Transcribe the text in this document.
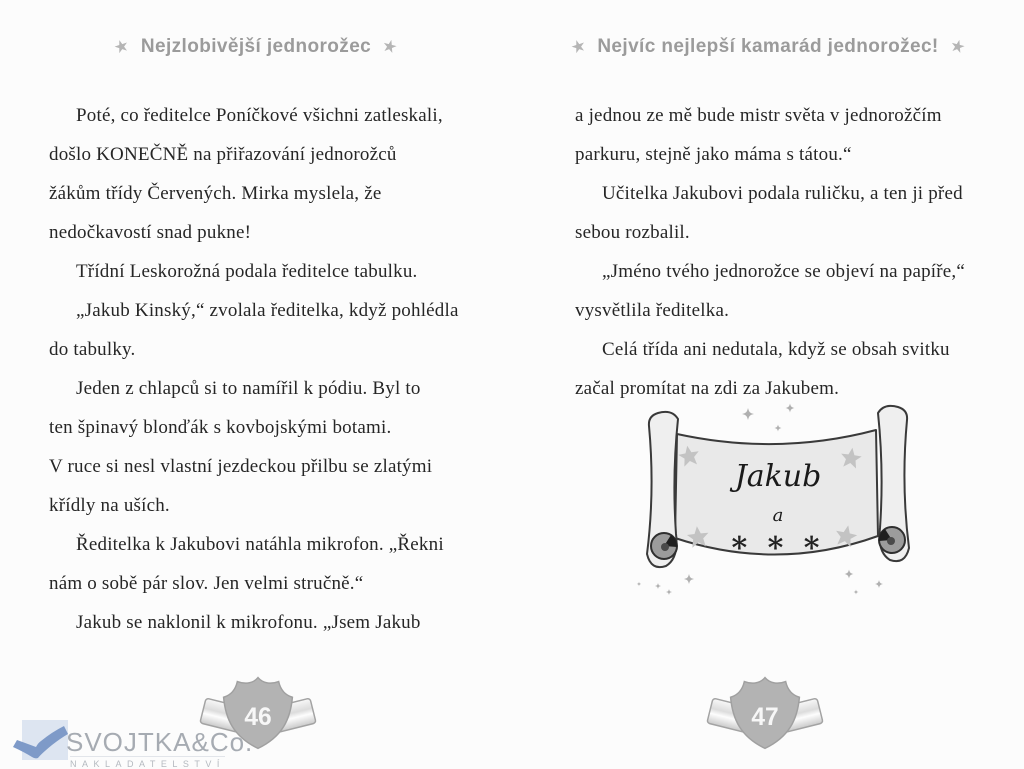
★ Nejzlobivější jednorožec ★	★ Nejvíc nejlepší kamarád jednorožec! ★
Poté, co ředitelce Poníčkové všichni zatleskali,
došlo KONEČNĚ na přiřazování jednorožců
žákům třídy Červených. Mirka myslela, že
nedočkavostí snad pukne!
Třídní Leskorožná podala ředitelce tabulku.
„Jakub Kinský,“ zvolala ředitelka, když pohlédla
do tabulky.
Jeden z chlapců si to namířil k pódiu. Byl to
ten špinavý blonďák s kovbojskými botami.
V ruce si nesl vlastní jezdeckou přilbu se zlatými
křídly na uších.
Ředitelka k Jakubovi natáhla mikrofon. „Řekni
nám o sobě pár slov. Jen velmi stručně.“
Jakub se naklonil k mikrofonu. „Jsem Jakub
a jednou ze mě bude mistr světa v jednorožčím
parkuru, stejně jako máma s tátou.“
Učitelka Jakubovi podala ruličku, a ten ji před
sebou rozbalil.
„Jméno tvého jednorožce se objeví na papíře,“
vysvětlila ředitelka.
Celá třída ani nedutala, když se obsah svitku
začal promítat na zdi za Jakubem.
Jakub
a
* * *
46	47
SVOJTKA&Co.
NAKLADATELSTVÍ
